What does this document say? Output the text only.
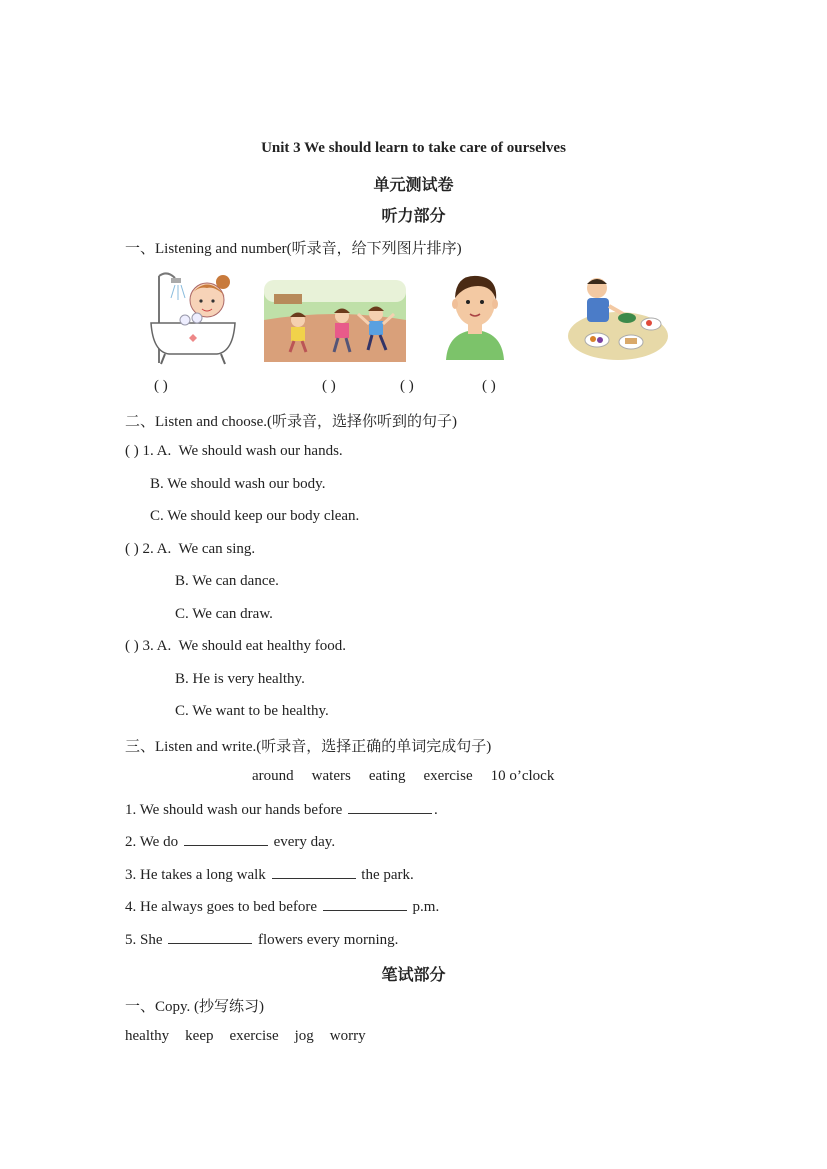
Unit 3 We should learn to take care of ourselves
单元测试卷
听力部分
一、Listening and number(听录音，给下列图片排序)
( )	( )	( )	( )
二、Listen and choose.(听录音，选择你听到的句子)
( ) 1. A. We should wash our hands.
B. We should wash our body.
C. We should keep our body clean.
( ) 2. A. We can sing.
B. We can dance.
C. We can draw.
( ) 3. A. We should eat healthy food.
B. He is very healthy.
C. We want to be healthy.
三、Listen and write.(听录音，选择正确的单词完成句子)
around waters eating exercise 10 o’clock
1. We should wash our hands before	.
2. We do	every day.
3. He takes a long walk	the park.
4. He always goes to bed before	p.m.
5. She	flowers every morning.
笔试部分
一、Copy. (抄写练习)
healthy keep exercise jog worry
